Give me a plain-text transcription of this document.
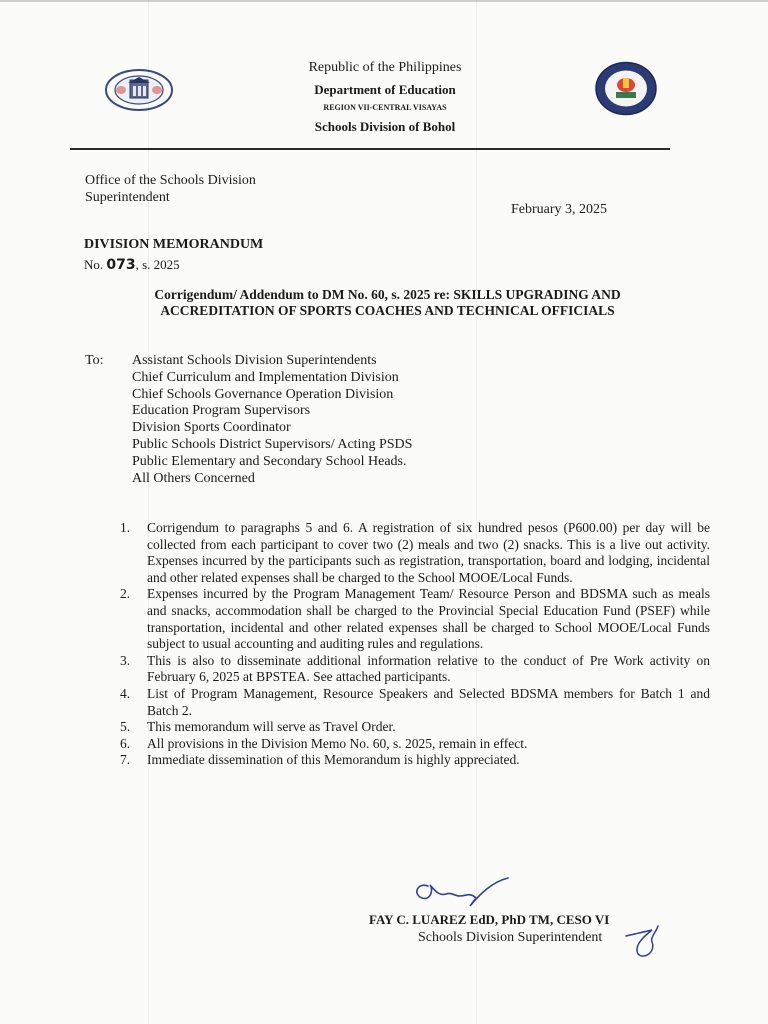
Republic of the Philippines
Department of Education
REGION VII-CENTRAL VISAYAS
Schools Division of Bohol
Office of the Schools Division
Superintendent
February 3, 2025
DIVISION MEMORANDUM
No. 073, s. 2025
Corrigendum/ Addendum to DM No. 60, s. 2025 re: SKILLS UPGRADING AND
ACCREDITATION OF SPORTS COACHES AND TECHNICAL OFFICIALS
To: Assistant Schools Division Superintendents
Chief Curriculum and Implementation Division
Chief Schools Governance Operation Division
Education Program Supervisors
Division Sports Coordinator
Public Schools District Supervisors/ Acting PSDS
Public Elementary and Secondary School Heads.
All Others Concerned
1.	Corrigendum to paragraphs 5 and 6. A registration of six hundred pesos (P600.00) per day will be collected from each participant to cover two (2) meals and two (2) snacks. This is a live out activity. Expenses incurred by the participants such as registration, transportation, board and lodging, incidental and other related expenses shall be charged to the School MOOE/Local Funds.
2.	Expenses incurred by the Program Management Team/ Resource Person and BDSMA such as meals and snacks, accommodation shall be charged to the Provincial Special Education Fund (PSEF) while transportation, incidental and other related expenses shall be charged to School MOOE/Local Funds subject to usual accounting and auditing rules and regulations.
3.	This is also to disseminate additional information relative to the conduct of Pre Work activity on February 6, 2025 at BPSTEA. See attached participants.
4.	List of Program Management, Resource Speakers and Selected BDSMA members for Batch 1 and Batch 2.
5.	This memorandum will serve as Travel Order.
6.	All provisions in the Division Memo No. 60, s. 2025, remain in effect.
7.	Immediate dissemination of this Memorandum is highly appreciated.
FAY C. LUAREZ EdD, PhD TM, CESO VI
Schools Division Superintendent
